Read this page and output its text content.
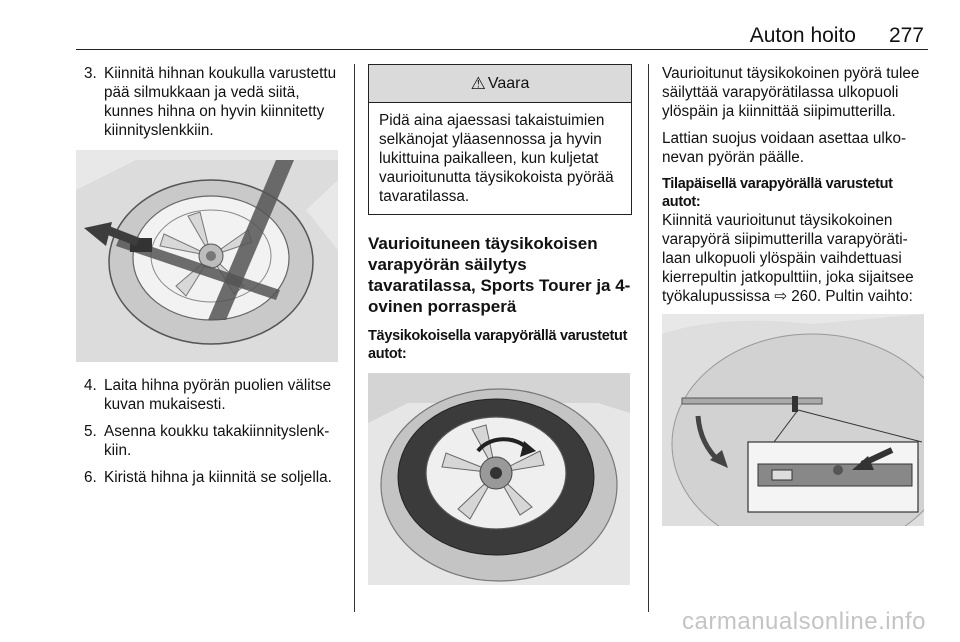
Auton hoito 277
3. Kiinnitä hihnan koukulla varustettu pää silmukkaan ja vedä siitä, kunnes hihna on hyvin kiinnitetty kiinnityslenkkiin.
4. Laita hihna pyörän puolien välitse kuvan mukaisesti.
5. Asenna koukku takakiinnityslenkkiin.
6. Kiristä hihna ja kiinnitä se soljella.
⚠ Vaara
Pidä aina ajaessasi takaistuimien selkänojat yläasennossa ja hyvin lukittuina paikalleen, kun kuljetat vaurioitunutta täysikokoista pyörää tavaratilassa.
Vaurioituneen täysikokoisen varapyörän säilytys tavaratilassa, Sports Tourer ja 4-ovinen porrasperä
Täysikokoisella varapyörällä varustetut autot:
Vaurioitunut täysikokoinen pyörä tulee säilyttää varapyörätilassa ulkopuoli ylöspäin ja kiinnittää siipimutterilla.
Lattian suojus voidaan asettaa ulkonevan pyörän päälle.
Tilapäisellä varapyörällä varustetut autot:
Kiinnitä vaurioitunut täysikokoinen varapyörä siipimutterilla varapyörätilaan ulkopuoli ylöspäin vaihdettuasi kierrepultin jatkopulttiin, joka sijaitsee työkalupussissa ⇨ 260. Pultin vaihto:
carmanualsonline.info
